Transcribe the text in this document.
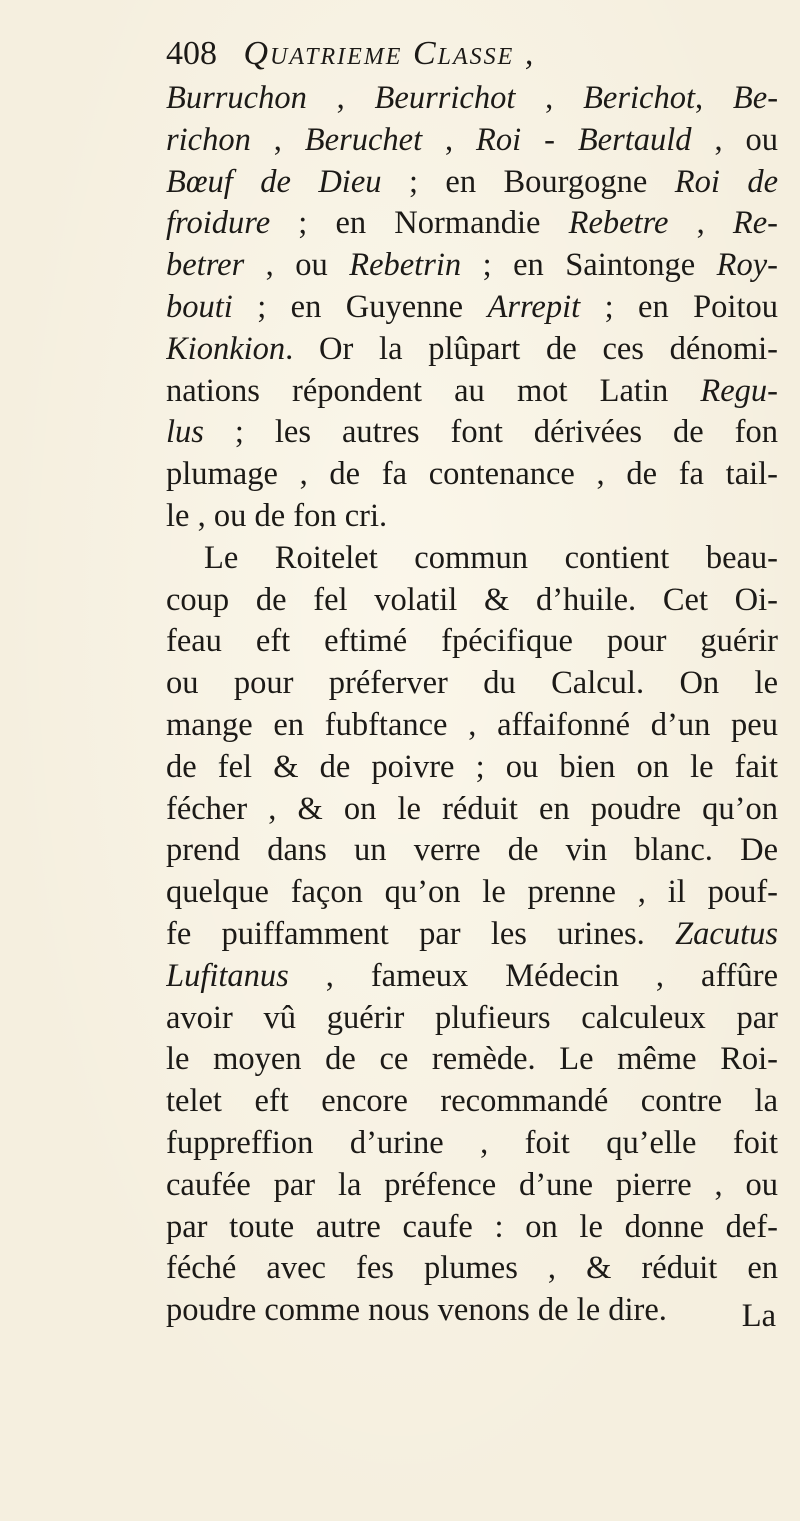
408 Quatrieme Classe ,
Burruchon , Beurrichot , Berichot, Be-
richon , Beruchet , Roi - Bertauld , ou
Bœuf de Dieu ; en Bourgogne Roi de
froidure ; en Normandie Rebetre , Re-
betrer , ou Rebetrin ; en Saintonge Roy-
bouti ; en Guyenne Arrepit ; en Poitou
Kionkion. Or la plûpart de ces dénomi-
nations répondent au mot Latin Regu-
lus ; les autres font dérivées de fon
plumage , de fa contenance , de fa tail-
le , ou de fon cri.
Le Roitelet commun contient beau-
coup de fel volatil & d’huile. Cet Oi-
feau eft eftimé fpécifique pour guérir
ou pour préferver du Calcul. On le
mange en fubftance , affaifonné d’un peu
de fel & de poivre ; ou bien on le fait
fécher , & on le réduit en poudre qu’on
prend dans un verre de vin blanc. De
quelque façon qu’on le prenne , il pouf-
fe puiffamment par les urines. Zacutus
Lufitanus , fameux Médecin , affûre
avoir vû guérir plufieurs calculeux par
le moyen de ce remède. Le même Roi-
telet eft encore recommandé contre la
fuppreffion d’urine , foit qu’elle foit
caufée par la préfence d’une pierre , ou
par toute autre caufe : on le donne def-
féché avec fes plumes , & réduit en
poudre comme nous venons de le dire.	La
